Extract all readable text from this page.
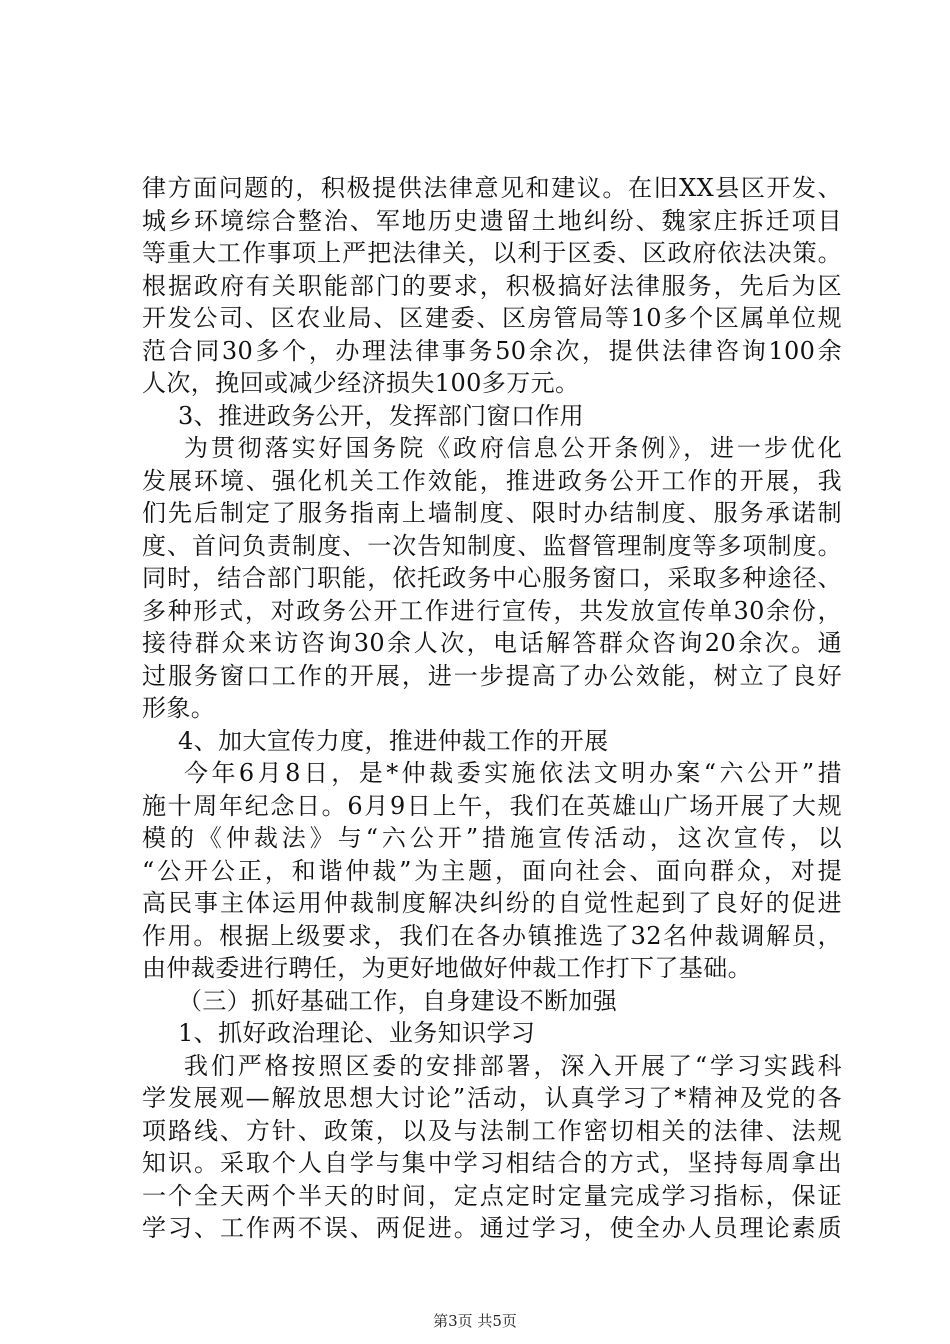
律方面问题的，积极提供法律意见和建议。在旧XX县区开发、
城乡环境综合整治、军地历史遗留土地纠纷、魏家庄拆迁项目
等重大工作事项上严把法律关，以利于区委、区政府依法决策。
根据政府有关职能部门的要求，积极搞好法律服务，先后为区
开发公司、区农业局、区建委、区房管局等10多个区属单位规
范合同30多个，办理法律事务50余次，提供法律咨询100余
人次，挽回或减少经济损失100多万元。
3、推进政务公开，发挥部门窗口作用
为贯彻落实好国务院《政府信息公开条例》，进一步优化
发展环境、强化机关工作效能，推进政务公开工作的开展，我
们先后制定了服务指南上墙制度、限时办结制度、服务承诺制
度、首问负责制度、一次告知制度、监督管理制度等多项制度。
同时，结合部门职能，依托政务中心服务窗口，采取多种途径、
多种形式，对政务公开工作进行宣传，共发放宣传单30余份，
接待群众来访咨询30余人次，电话解答群众咨询20余次。通
过服务窗口工作的开展，进一步提高了办公效能，树立了良好
形象。
4、加大宣传力度，推进仲裁工作的开展
今年6月8日，是*仲裁委实施依法文明办案“六公开”措
施十周年纪念日。6月9日上午，我们在英雄山广场开展了大规
模的《仲裁法》与“六公开”措施宣传活动，这次宣传，以
“公开公正，和谐仲裁”为主题，面向社会、面向群众，对提
高民事主体运用仲裁制度解决纠纷的自觉性起到了良好的促进
作用。根据上级要求，我们在各办镇推选了32名仲裁调解员，
由仲裁委进行聘任，为更好地做好仲裁工作打下了基础。
（三）抓好基础工作，自身建设不断加强
1、抓好政治理论、业务知识学习
我们严格按照区委的安排部署，深入开展了“学习实践科
学发展观—解放思想大讨论”活动，认真学习了*精神及党的各
项路线、方针、政策，以及与法制工作密切相关的法律、法规
知识。采取个人自学与集中学习相结合的方式，坚持每周拿出
一个全天两个半天的时间，定点定时定量完成学习指标，保证
学习、工作两不误、两促进。通过学习，使全办人员理论素质
第3页 共5页
